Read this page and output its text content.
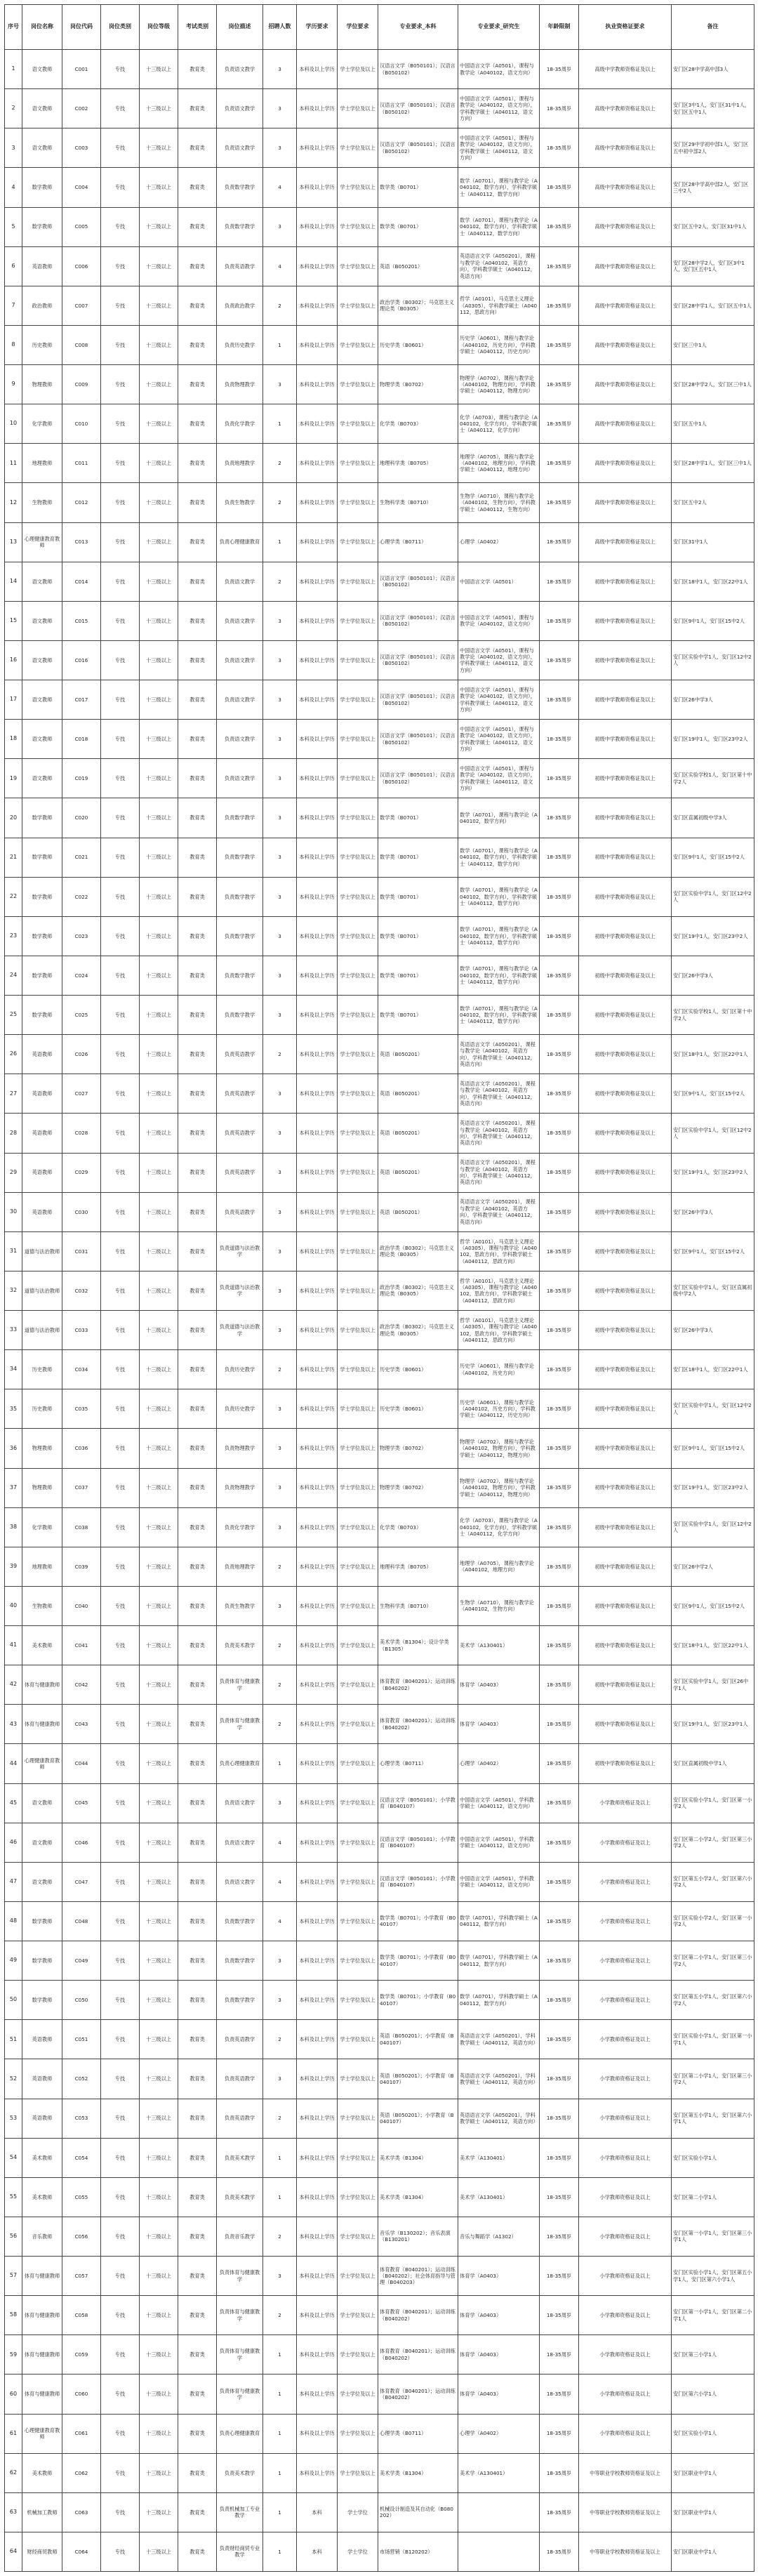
序号	岗位名称	岗位代码	岗位类别	岗位等级	考试类别	岗位描述	招聘人数	学历要求	学位要求	专业要求_本科	专业要求_研究生	年龄限制	执业资格证要求	备注
1	语文教师	C001	专技	十三级以上	教育类	负责语文教学	3	本科及以上学历	学士学位及以上	汉语言文学（B050101）；汉语言（B050102）	中国语言文学（A0501），课程与教学论（A040102，语文方向）	18-35周岁	高级中学教师资格证及以上	安门区28中学高中部3人
2	语文教师	C002	专技	十三级以上	教育类	负责语文教学	3	本科及以上学历	学士学位及以上	汉语言文学（B050101）；汉语言（B050102）	中国语言文学（A0501），课程与教学论（A040102，语文方向），学科教学硕士（A040112，语文方向）	18-35周岁	高级中学教师资格证及以上	安门区3中1人，安门区31中1人，安门区五中1人
3	语文教师	C003	专技	十三级以上	教育类	负责语文教学	3	本科及以上学历	学士学位及以上	汉语言文学（B050101）；汉语言（B050102）	中国语言文学（A0501），课程与教学论（A040102，语文方向），学科教学硕士（A040112，语文方向）	18-35周岁	高级中学教师资格证及以上	安门区29中学初中部1人，安门区五中初中部2人
4	数学教师	C004	专技	十三级以上	教育类	负责数学教学	4	本科及以上学历	学士学位及以上	数学类（B0701）	数学（A0701），课程与教学论（A040102，数学方向），学科教学硕士（A040112，数学方向）	18-35周岁	高级中学教师资格证及以上	安门区28中学高中部2人，安门区三中2人
5	数学教师	C005	专技	十三级以上	教育类	负责数学教学	3	本科及以上学历	学士学位及以上	数学类（B0701）	数学（A0701），课程与教学论（A040102，数学方向），学科教学硕士（A040112，数学方向）	18-35周岁	高级中学教师资格证及以上	安门区五中2人，安门区31中1人
6	英语教师	C006	专技	十三级以上	教育类	负责英语教学	4	本科及以上学历	学士学位及以上	英语（B050201）	英语语言文学（A050201），课程与教学论（A040102，英语方向），学科教学硕士（A040112，英语方向）	18-35周岁	高级中学教师资格证及以上	安门区28中学2人，安门区3中1人，安门区五中1人
7	政治教师	C007	专技	十三级以上	教育类	负责政治教学	2	本科及以上学历	学士学位及以上	政治学类（B0302）；马克思主义理论类（B0305）	哲学（A0101），马克思主义理论（A0305），学科教学硕士（A040112，思政方向）	18-35周岁	高级中学教师资格证及以上	安门区28中学1人，安门区五中1人
8	历史教师	C008	专技	十三级以上	教育类	负责历史教学	1	本科及以上学历	学士学位及以上	历史学类（B0601）	历史学（A0601），课程与教学论（A040102，历史方向），学科教学硕士（A040112，历史方向）	18-35周岁	高级中学教师资格证及以上	安门区三中1人
9	物理教师	C009	专技	十三级以上	教育类	负责物理教学	3	本科及以上学历	学士学位及以上	物理学类（B0702）	物理学（A0702），课程与教学论（A040102，物理方向），学科教学硕士（A040112，物理方向）	18-35周岁	高级中学教师资格证及以上	安门区28中学2人，安门区三中1人
10	化学教师	C010	专技	十三级以上	教育类	负责化学教学	1	本科及以上学历	学士学位及以上	化学类（B0703）	化学（A0703），课程与教学论（A040102，化学方向），学科教学硕士（A040112，化学方向）	18-35周岁	高级中学教师资格证及以上	安门区五中1人
11	地理教师	C011	专技	十三级以上	教育类	负责地理教学	2	本科及以上学历	学士学位及以上	地理科学类（B0705）	地理学（A0705），课程与教学论（A040102，地理方向），学科教学硕士（A040112，地理方向）	18-35周岁	高级中学教师资格证及以上	安门区28中学1人，安门区三中1人
12	生物教师	C012	专技	十三级以上	教育类	负责生物教学	2	本科及以上学历	学士学位及以上	生物科学类（B0710）	生物学（A0710），课程与教学论（A040102，生物方向），学科教学硕士（A040112，生物方向）	18-35周岁	高级中学教师资格证及以上	安门区五中2人
13	心理健康教育教师	C013	专技	十三级以上	教育类	负责心理健康教育	1	本科及以上学历	学士学位及以上	心理学类（B0711）	心理学（A0402）	18-35周岁	高级中学教师资格证及以上	安门区31中1人
14	语文教师	C014	专技	十三级以上	教育类	负责语文教学	2	本科及以上学历	学士学位及以上	汉语言文学（B050101）；汉语言（B050102）	中国语言文学（A0501）	18-35周岁	初级中学教师资格证及以上	安门区18中1人，安门区22中1人
15	语文教师	C015	专技	十三级以上	教育类	负责语文教学	3	本科及以上学历	学士学位及以上	汉语言文学（B050101）；汉语言（B050102）	中国语言文学（A0501），课程与教学论（A040102，语文方向）	18-35周岁	初级中学教师资格证及以上	安门区9中1人，安门区15中2人
16	语文教师	C016	专技	十三级以上	教育类	负责语文教学	3	本科及以上学历	学士学位及以上	汉语言文学（B050101）；汉语言（B050102）	中国语言文学（A0501），课程与教学论（A040102，语文方向），学科教学硕士（A040112，语文方向）	18-35周岁	初级中学教师资格证及以上	安门区实验中学1人，安门区12中2人
17	语文教师	C017	专技	十三级以上	教育类	负责语文教学	3	本科及以上学历	学士学位及以上	汉语言文学（B050101）；汉语言（B050102）	中国语言文学（A0501），课程与教学论（A040102，语文方向），学科教学硕士（A040112，语文方向）	18-35周岁	初级中学教师资格证及以上	安门区26中学3人
18	语文教师	C018	专技	十三级以上	教育类	负责语文教学	3	本科及以上学历	学士学位及以上	汉语言文学（B050101）；汉语言（B050102）	中国语言文学（A0501），课程与教学论（A040102，语文方向），学科教学硕士（A040112，语文方向）	18-35周岁	初级中学教师资格证及以上	安门区19中1人，安门区23中2人
19	语文教师	C019	专技	十三级以上	教育类	负责语文教学	3	本科及以上学历	学士学位及以上	汉语言文学（B050101）；汉语言（B050102）	中国语言文学（A0501），课程与教学论（A040102，语文方向），学科教学硕士（A040112，语文方向）	18-35周岁	初级中学教师资格证及以上	安门区实验学校1人，安门区第十中学2人
20	数学教师	C020	专技	十三级以上	教育类	负责数学教学	3	本科及以上学历	学士学位及以上	数学类（B0701）	数学（A0701），课程与教学论（A040102，数学方向）	18-35周岁	初级中学教师资格证及以上	安门区直属初级中学3人
21	数学教师	C021	专技	十三级以上	教育类	负责数学教学	3	本科及以上学历	学士学位及以上	数学类（B0701）	数学（A0701），课程与教学论（A040102，数学方向），学科教学硕士（A040112，数学方向）	18-35周岁	初级中学教师资格证及以上	安门区9中1人，安门区15中2人
22	数学教师	C022	专技	十三级以上	教育类	负责数学教学	3	本科及以上学历	学士学位及以上	数学类（B0701）	数学（A0701），课程与教学论（A040102，数学方向），学科教学硕士（A040112，数学方向）	18-35周岁	初级中学教师资格证及以上	安门区实验中学1人，安门区12中2人
23	数学教师	C023	专技	十三级以上	教育类	负责数学教学	3	本科及以上学历	学士学位及以上	数学类（B0701）	数学（A0701），课程与教学论（A040102，数学方向），学科教学硕士（A040112，数学方向）	18-35周岁	初级中学教师资格证及以上	安门区19中1人，安门区23中2人
24	数学教师	C024	专技	十三级以上	教育类	负责数学教学	3	本科及以上学历	学士学位及以上	数学类（B0701）	数学（A0701），课程与教学论（A040102，数学方向），学科教学硕士（A040112，数学方向）	18-35周岁	初级中学教师资格证及以上	安门区26中学3人
25	数学教师	C025	专技	十三级以上	教育类	负责数学教学	3	本科及以上学历	学士学位及以上	数学类（B0701）	数学（A0701），课程与教学论（A040102，数学方向），学科教学硕士（A040112，数学方向）	18-35周岁	初级中学教师资格证及以上	安门区实验学校1人，安门区第十中学2人
26	英语教师	C026	专技	十三级以上	教育类	负责英语教学	2	本科及以上学历	学士学位及以上	英语（B050201）	英语语言文学（A050201），课程与教学论（A040102，英语方向），学科教学硕士（A040112，英语方向）	18-35周岁	初级中学教师资格证及以上	安门区18中1人，安门区22中1人
27	英语教师	C027	专技	十三级以上	教育类	负责英语教学	3	本科及以上学历	学士学位及以上	英语（B050201）	英语语言文学（A050201），课程与教学论（A040102，英语方向），学科教学硕士（A040112，英语方向）	18-35周岁	初级中学教师资格证及以上	安门区9中1人，安门区15中2人
28	英语教师	C028	专技	十三级以上	教育类	负责英语教学	3	本科及以上学历	学士学位及以上	英语（B050201）	英语语言文学（A050201），课程与教学论（A040102，英语方向），学科教学硕士（A040112，英语方向）	18-35周岁	初级中学教师资格证及以上	安门区实验中学1人，安门区12中2人
29	英语教师	C029	专技	十三级以上	教育类	负责英语教学	3	本科及以上学历	学士学位及以上	英语（B050201）	英语语言文学（A050201），课程与教学论（A040102，英语方向），学科教学硕士（A040112，英语方向）	18-35周岁	初级中学教师资格证及以上	安门区19中1人，安门区23中2人
30	英语教师	C030	专技	十三级以上	教育类	负责英语教学	3	本科及以上学历	学士学位及以上	英语（B050201）	英语语言文学（A050201），课程与教学论（A040102，英语方向），学科教学硕士（A040112，英语方向）	18-35周岁	初级中学教师资格证及以上	安门区26中学3人
31	道德与法治教师	C031	专技	十三级以上	教育类	负责道德与法治教学	3	本科及以上学历	学士学位及以上	政治学类（B0302）；马克思主义理论类（B0305）	哲学（A0101），马克思主义理论（A0305），课程与教学论（A040102，思政方向），学科教学硕士（A040112，思政方向）	18-35周岁	初级中学教师资格证及以上	安门区9中1人，安门区15中2人
32	道德与法治教师	C032	专技	十三级以上	教育类	负责道德与法治教学	3	本科及以上学历	学士学位及以上	政治学类（B0302）；马克思主义理论类（B0305）	哲学（A0101），马克思主义理论（A0305），课程与教学论（A040102，思政方向），学科教学硕士（A040112，思政方向）	18-35周岁	初级中学教师资格证及以上	安门区实验中学1人，安门区直属初级中学2人
33	道德与法治教师	C033	专技	十三级以上	教育类	负责道德与法治教学	3	本科及以上学历	学士学位及以上	政治学类（B0302）；马克思主义理论类（B0305）	哲学（A0101），马克思主义理论（A0305），课程与教学论（A040102，思政方向），学科教学硕士（A040112，思政方向）	18-35周岁	初级中学教师资格证及以上	安门区26中学3人
34	历史教师	C034	专技	十三级以上	教育类	负责历史教学	2	本科及以上学历	学士学位及以上	历史学类（B0601）	历史学（A0601），课程与教学论（A040102，历史方向）	18-35周岁	初级中学教师资格证及以上	安门区18中1人，安门区22中1人
35	历史教师	C035	专技	十三级以上	教育类	负责历史教学	3	本科及以上学历	学士学位及以上	历史学类（B0601）	历史学（A0601），课程与教学论（A040102，历史方向），学科教学硕士（A040112，历史方向）	18-35周岁	初级中学教师资格证及以上	安门区实验中学1人，安门区12中2人
36	物理教师	C036	专技	十三级以上	教育类	负责物理教学	3	本科及以上学历	学士学位及以上	物理学类（B0702）	物理学（A0702），课程与教学论（A040102，物理方向），学科教学硕士（A040112，物理方向）	18-35周岁	初级中学教师资格证及以上	安门区9中1人，安门区15中2人
37	物理教师	C037	专技	十三级以上	教育类	负责物理教学	3	本科及以上学历	学士学位及以上	物理学类（B0702）	物理学（A0702），课程与教学论（A040102，物理方向），学科教学硕士（A040112，物理方向）	18-35周岁	初级中学教师资格证及以上	安门区19中1人，安门区23中2人
38	化学教师	C038	专技	十三级以上	教育类	负责化学教学	3	本科及以上学历	学士学位及以上	化学类（B0703）	化学（A0703），课程与教学论（A040102，化学方向），学科教学硕士（A040112，化学方向）	18-35周岁	初级中学教师资格证及以上	安门区实验中学1人，安门区12中2人
39	地理教师	C039	专技	十三级以上	教育类	负责地理教学	2	本科及以上学历	学士学位及以上	地理科学类（B0705）	地理学（A0705），课程与教学论（A040102，地理方向）	18-35周岁	初级中学教师资格证及以上	安门区26中学2人
40	生物教师	C040	专技	十三级以上	教育类	负责生物教学	3	本科及以上学历	学士学位及以上	生物科学类（B0710）	生物学（A0710），课程与教学论（A040102，生物方向）	18-35周岁	初级中学教师资格证及以上	安门区9中1人，安门区15中2人
41	美术教师	C041	专技	十三级以上	教育类	负责美术教学	2	本科及以上学历	学士学位及以上	美术学类（B1304）；设计学类（B1305）	美术学（A130401）	18-35周岁	初级中学教师资格证及以上	安门区18中1人，安门区22中1人
42	体育与健康教师	C042	专技	十三级以上	教育类	负责体育与健康教学	2	本科及以上学历	学士学位及以上	体育教育（B040201）；运动训练（B040202）	体育学（A0403）	18-35周岁	初级中学教师资格证及以上	安门区实验中学1人，安门区26中学1人
43	体育与健康教师	C043	专技	十三级以上	教育类	负责体育与健康教学	2	本科及以上学历	学士学位及以上	体育教育（B040201）；运动训练（B040202）	体育学（A0403）	18-35周岁	初级中学教师资格证及以上	安门区19中1人，安门区23中1人
44	心理健康教育教师	C044	专技	十三级以上	教育类	负责心理健康教育	1	本科及以上学历	学士学位及以上	心理学类（B0711）	心理学（A0402）	18-35周岁	初级中学教师资格证及以上	安门区直属初级中学1人
45	语文教师	C045	专技	十三级以上	教育类	负责语文教学	3	本科及以上学历	学士学位及以上	汉语言文学（B050101）；小学教育（B040107）	中国语言文学（A0501），学科教学硕士（A040112，语文方向）	18-35周岁	小学教师资格证及以上	安门区实验小学1人，安门区第一小学2人
46	语文教师	C046	专技	十三级以上	教育类	负责语文教学	4	本科及以上学历	学士学位及以上	汉语言文学（B050101）；小学教育（B040107）	中国语言文学（A0501），学科教学硕士（A040112，语文方向）	18-35周岁	小学教师资格证及以上	安门区第二小学2人，安门区第三小学2人
47	语文教师	C047	专技	十三级以上	教育类	负责语文教学	4	本科及以上学历	学士学位及以上	汉语言文学（B050101）；小学教育（B040107）	中国语言文学（A0501），学科教学硕士（A040112，语文方向）	18-35周岁	小学教师资格证及以上	安门区第五小学2人，安门区第六小学2人
48	数学教师	C048	专技	十三级以上	教育类	负责数学教学	4	本科及以上学历	学士学位及以上	数学类（B0701）；小学教育（B040107）	数学（A0701），学科教学硕士（A040112，数学方向）	18-35周岁	小学教师资格证及以上	安门区实验小学2人，安门区第一小学2人
49	数学教师	C049	专技	十三级以上	教育类	负责数学教学	3	本科及以上学历	学士学位及以上	数学类（B0701）；小学教育（B040107）	数学（A0701），学科教学硕士（A040112，数学方向）	18-35周岁	小学教师资格证及以上	安门区第二小学1人，安门区第三小学2人
50	数学教师	C050	专技	十三级以上	教育类	负责数学教学	3	本科及以上学历	学士学位及以上	数学类（B0701）；小学教育（B040107）	数学（A0701），学科教学硕士（A040112，数学方向）	18-35周岁	小学教师资格证及以上	安门区第五小学1人，安门区第六小学2人
51	英语教师	C051	专技	十三级以上	教育类	负责英语教学	2	本科及以上学历	学士学位及以上	英语（B050201）；小学教育（B040107）	英语语言文学（A050201），学科教学硕士（A040112，英语方向）	18-35周岁	小学教师资格证及以上	安门区实验小学1人，安门区第一小学1人
52	英语教师	C052	专技	十三级以上	教育类	负责英语教学	3	本科及以上学历	学士学位及以上	英语（B050201）；小学教育（B040107）	英语语言文学（A050201），学科教学硕士（A040112，英语方向）	18-35周岁	小学教师资格证及以上	安门区第二小学1人，安门区第三小学2人
53	英语教师	C053	专技	十三级以上	教育类	负责英语教学	2	本科及以上学历	学士学位及以上	英语（B050201）；小学教育（B040107）	英语语言文学（A050201），学科教学硕士（A040112，英语方向）	18-35周岁	小学教师资格证及以上	安门区第五小学1人，安门区第六小学1人
54	美术教师	C054	专技	十三级以上	教育类	负责美术教学	1	本科及以上学历	学士学位及以上	美术学类（B1304）	美术学（A130401）	18-35周岁	小学教师资格证及以上	安门区实验小学1人
55	美术教师	C055	专技	十三级以上	教育类	负责美术教学	1	本科及以上学历	学士学位及以上	美术学类（B1304）	美术学（A130401）	18-35周岁	小学教师资格证及以上	安门区第二小学1人
56	音乐教师	C056	专技	十三级以上	教育类	负责音乐教学	2	本科及以上学历	学士学位及以上	音乐学（B130202）；音乐表演（B130201）	音乐与舞蹈学（A1302）	18-35周岁	小学教师资格证及以上	安门区第一小学1人，安门区第三小学1人
57	体育与健康教师	C057	专技	十三级以上	教育类	负责体育与健康教学	3	本科及以上学历	学士学位及以上	体育教育（B040201）；运动训练（B040202）；社会体育指导与管理（B040203）	体育学（A0403）	18-35周岁	小学教师资格证及以上	安门区实验小学1人，安门区第五小学1人，安门区第六小学1人
58	体育与健康教师	C058	专技	十三级以上	教育类	负责体育与健康教学	2	本科及以上学历	学士学位及以上	体育教育（B040201）；运动训练（B040202）	体育学（A0403）	18-35周岁	小学教师资格证及以上	安门区第一小学1人，安门区第二小学1人
59	体育与健康教师	C059	专技	十三级以上	教育类	负责体育与健康教学	1	本科及以上学历	学士学位及以上	体育教育（B040201）；运动训练（B040202）	体育学（A0403）	18-35周岁	小学教师资格证及以上	安门区第三小学1人
60	体育与健康教师	C060	专技	十三级以上	教育类	负责体育与健康教学	1	本科及以上学历	学士学位及以上	体育教育（B040201）；运动训练（B040202）	体育学（A0403）	18-35周岁	小学教师资格证及以上	安门区第六小学1人
61	心理健康教育教师	C061	专技	十三级以上	教育类	负责心理健康教育	1	本科及以上学历	学士学位及以上	心理学类（B0711）	心理学（A0402）	18-35周岁	小学教师资格证及以上	安门区实验小学1人
62	美术教师	C062	专技	十三级以上	教育类	负责美术教学	1	本科及以上学历	学士学位及以上	美术学类（B1304）	美术学（A130401）	18-35周岁	中等职业学校教师资格证及以上	安门区职业中学1人
63	机械加工教师	C063	专技	十三级以上	教育类	负责机械加工专业教学	1	本科	学士学位	机械设计制造及其自动化（B080202）		18-35周岁	中等职业学校教师资格证及以上	安门区职业中学1人
64	财经商贸教师	C064	专技	十三级以上	教育类	负责财经商贸专业教学	1	本科	学士学位	市场营销（B120202）		18-35周岁	中等职业学校教师资格证及以上	安门区职业中学1人
